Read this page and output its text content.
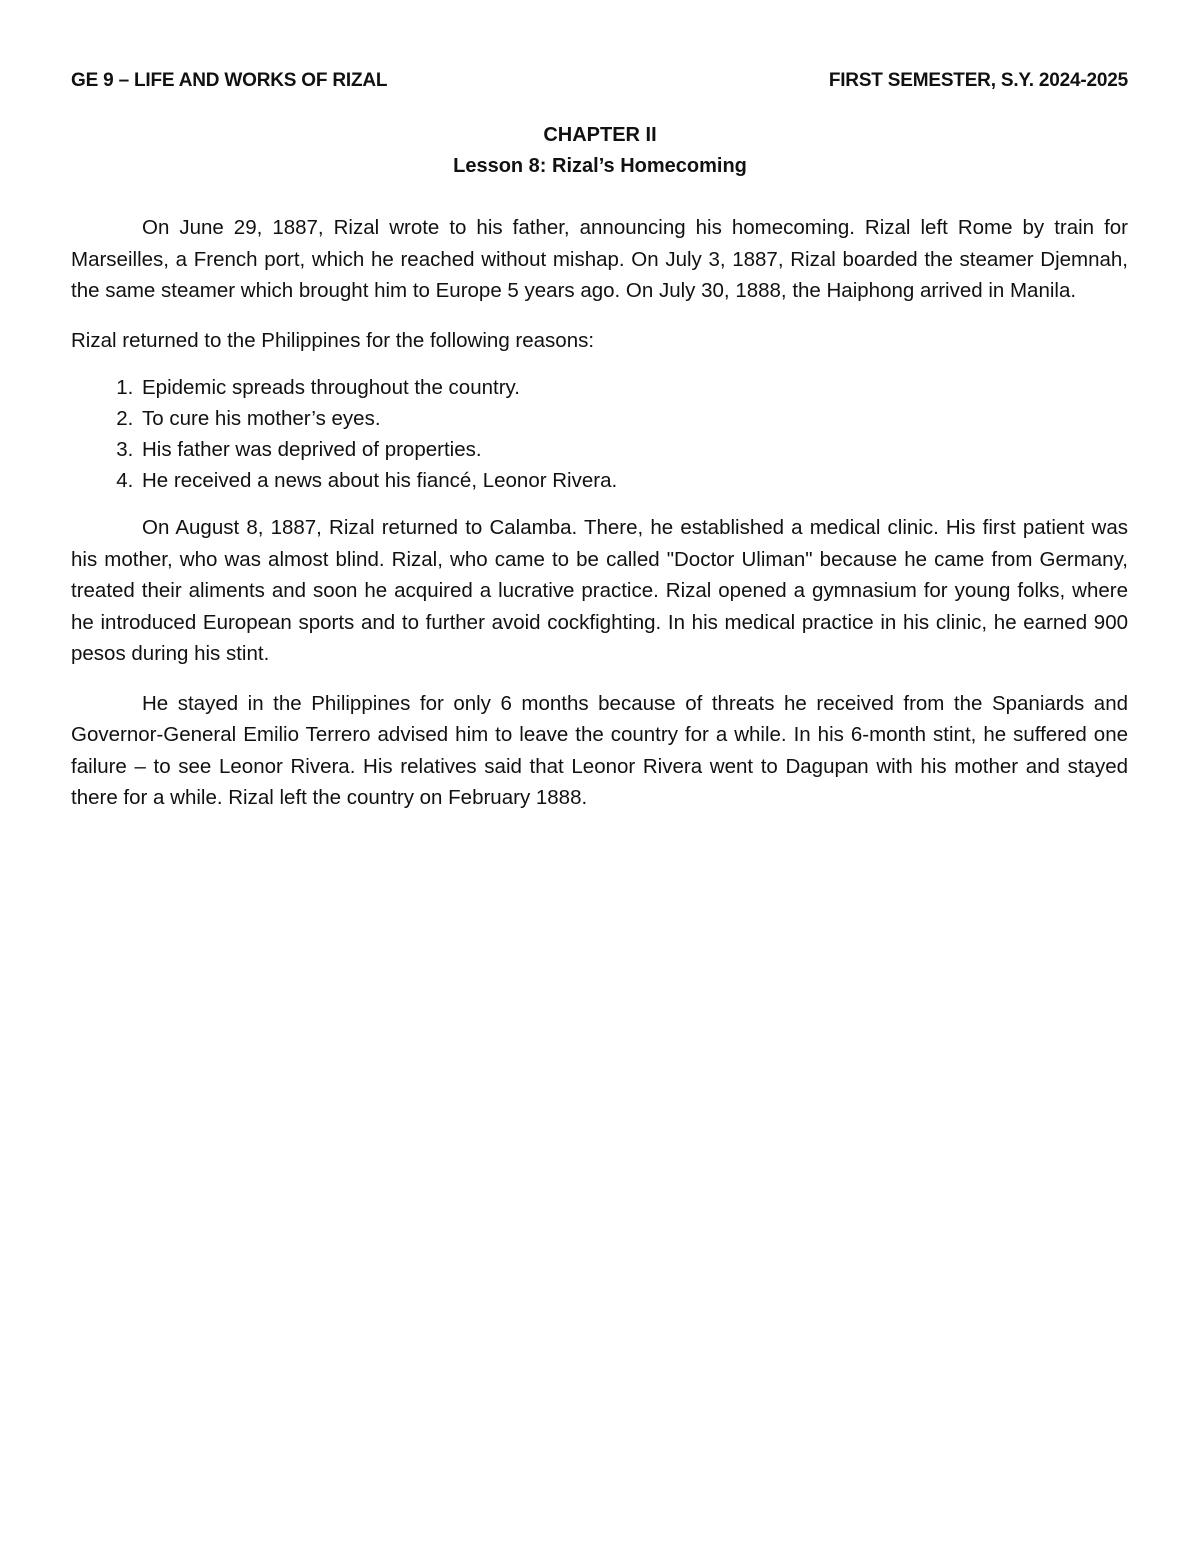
GE 9 – LIFE AND WORKS OF RIZAL	FIRST SEMESTER, S.Y. 2024-2025
CHAPTER II
Lesson 8: Rizal’s Homecoming

On June 29, 1887, Rizal wrote to his father, announcing his homecoming. Rizal left Rome by train for Marseilles, a French port, which he reached without mishap. On July 3, 1887, Rizal boarded the steamer Djemnah, the same steamer which brought him to Europe 5 years ago. On July 30, 1888, the Haiphong arrived in Manila.

Rizal returned to the Philippines for the following reasons:

1. Epidemic spreads throughout the country.
2. To cure his mother’s eyes.
3. His father was deprived of properties.
4. He received a news about his fiancé, Leonor Rivera.

On August 8, 1887, Rizal returned to Calamba. There, he established a medical clinic. His first patient was his mother, who was almost blind. Rizal, who came to be called "Doctor Uliman" because he came from Germany, treated their aliments and soon he acquired a lucrative practice. Rizal opened a gymnasium for young folks, where he introduced European sports and to further avoid cockfighting. In his medical practice in his clinic, he earned 900 pesos during his stint.

He stayed in the Philippines for only 6 months because of threats he received from the Spaniards and Governor-General Emilio Terrero advised him to leave the country for a while. In his 6-month stint, he suffered one failure – to see Leonor Rivera. His relatives said that Leonor Rivera went to Dagupan with his mother and stayed there for a while. Rizal left the country on February 1888.
